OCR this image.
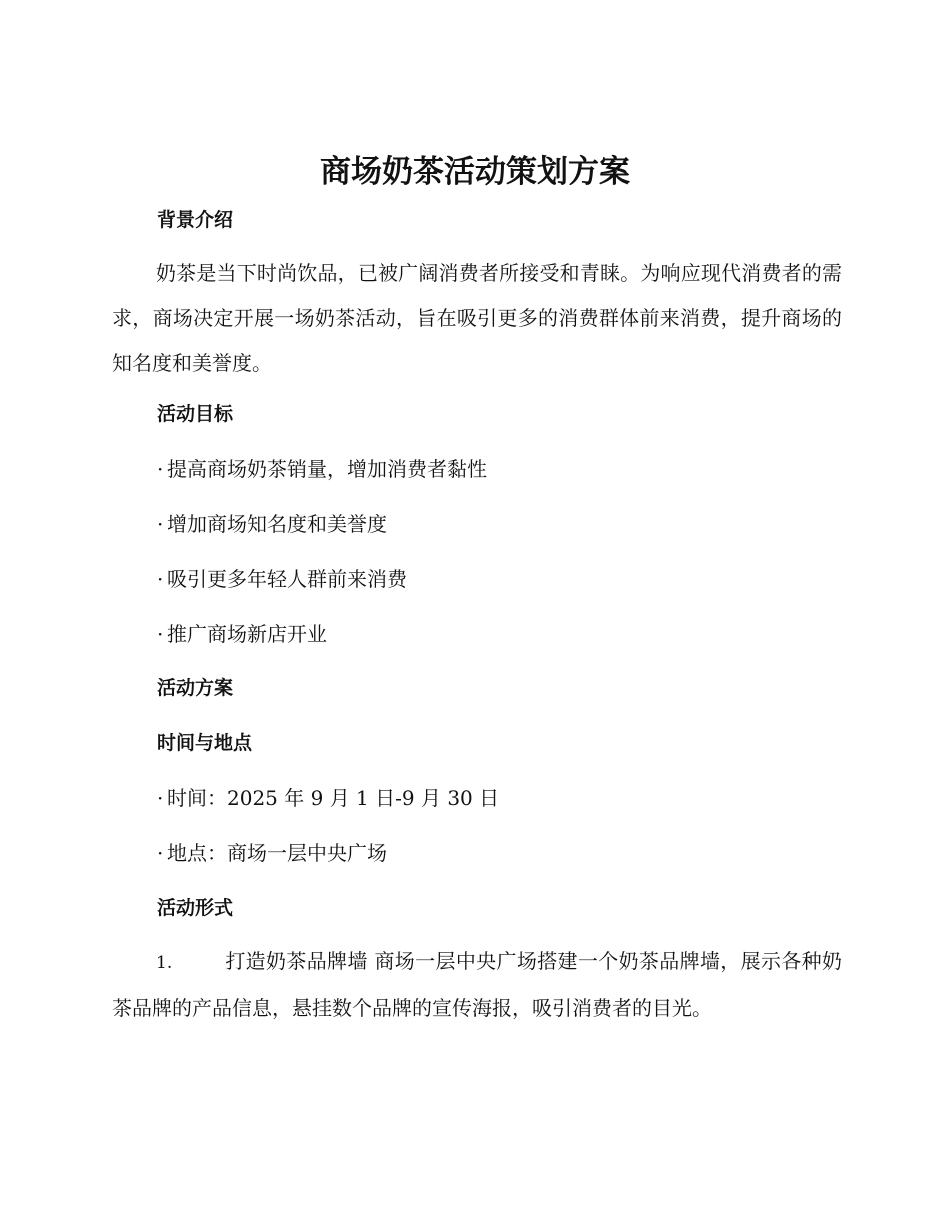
商场奶茶活动策划方案
背景介绍

奶茶是当下时尚饮品，已被广阔消费者所接受和青睐。为响应现代消费者的需求，商场决定开展一场奶茶活动，旨在吸引更多的消费群体前来消费，提升商场的知名度和美誉度。

活动目标

· 提高商场奶茶销量，增加消费者黏性

· 增加商场知名度和美誉度

· 吸引更多年轻人群前来消费

· 推广商场新店开业

活动方案
时间与地点

· 时间：2025 年 9 月 1 日-9 月 30 日

· 地点：商场一层中央广场

活动形式

1.	打造奶茶品牌墙 商场一层中央广场搭建一个奶茶品牌墙，展示各种奶茶品牌的产品信息，悬挂数个品牌的宣传海报，吸引消费者的目光。
